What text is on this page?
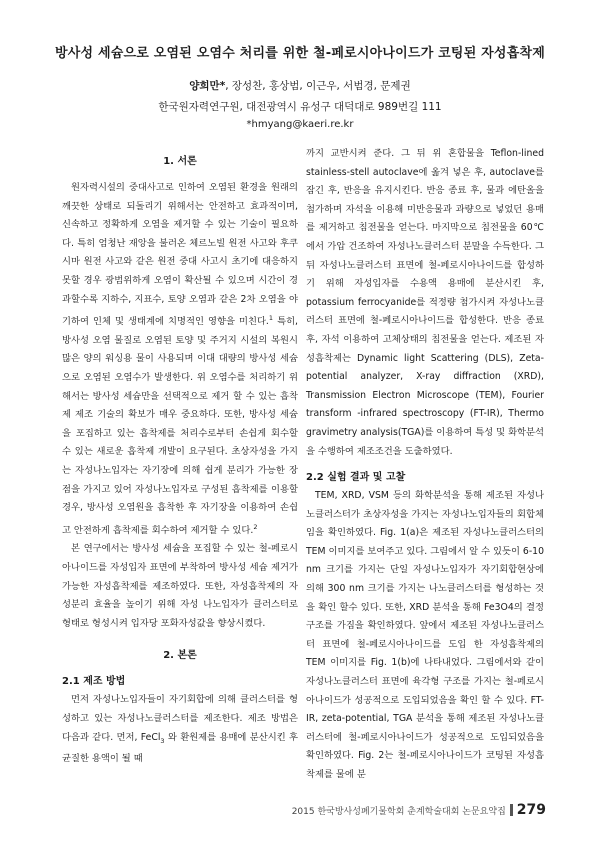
방사성 세슘으로 오염된 오염수 처리를 위한 철-페로시아나이드가 코팅된 자성흡착제
양희만*, 장성찬, 홍상범, 이근우, 서범경, 문제권
한국원자력연구원, 대전광역시 유성구 대덕대로 989번길 111
*hmyang@kaeri.re.kr
1. 서론

원자력시설의 중대사고로 인하여 오염된 환경을 원래의 깨끗한 상태로 되돌리기 위해서는 안전하고 효과적이며, 신속하고 정확하게 오염을 제거할 수 있는 기술이 필요하다. 특히 엄청난 재앙을 불러온 체르노빌 원전 사고와 후쿠시마 원전 사고와 같은 원전 중대 사고시 초기에 대응하지 못할 경우 광범위하게 오염이 확산될 수 있으며 시간이 경과할수록 지하수, 지표수, 토양 오염과 같은 2차 오염을 야기하여 인체 및 생태계에 치명적인 영향을 미친다.$^1$ 특히, 방사성 오염 물질로 오염된 토양 및 주거지 시설의 복원시 많은 양의 워싱용 물이 사용되며 이대 대량의 방사성 세슘으로 오염된 오염수가 발생한다. 위 오염수를 처리하기 위해서는 방사성 세슘만을 선택적으로 제거 할 수 있는 흡착제 제조 기술의 확보가 매우 중요하다. 또한, 방사성 세슘을 포집하고 있는 흡착제를 처리수로부터 손쉽게 회수할 수 있는 새로운 흡착제 개발이 요구된다. 초상자성을 가지는 자성나노입자는 자기장에 의해 쉽게 분리가 가능한 장점을 가지고 있어 자성나노입자로 구성된 흡착제를 이용할 경우, 방사성 오염원을 흡착한 후 자기장을 이용하여 손쉽고 안전하게 흡착제를 회수하여 제거할 수 있다.$^2$

본 연구에서는 방사성 세슘을 포집할 수 있는 철-페로시아나이드를 자성입자 표면에 부착하여 방사성 세슘 제거가 가능한 자성흡착제를 제조하였다. 또한, 자성흡착제의 자성분리 효율을 높이기 위해 자성 나노입자가 클러스터로 형태로 형성시켜 입자당 포화자성값을 향상시켰다.

2. 본론
2.1 제조 방법

먼저 자성나노입자들이 자기회합에 의해 클러스터를 형성하고 있는 자성나노클러스터를 제조한다. 제조 방법은 다음과 같다. 먼저, FeCl$_3$ 와 환원제를 용매에 분산시킨 후 균질한 용액이 될 때

까지 교반시켜 준다. 그 뒤 위 혼합물을 Teflon-lined stainless-stell autoclave에 옮겨 넣은 후, autoclave를 잠긴 후, 반응을 유지시킨다. 반응 종료 후, 물과 에탄올을 첨가하며 자석을 이용해 미반응물과 과량으로 넣었던 용매를 제거하고 침전물을 얻는다. 마지막으로 침전물을 60℃에서 가압 건조하여 자성나노클러스터 분말을 수득한다. 그 뒤 자성나노클러스터 표면에 철-페로시아나이드를 합성하기 위해 자성입자를 수용액 용매에 분산시킨 후, potassium ferrocyanide를 적정량 첨가시켜 자성나노클러스터 표면에 철-페로시아나이드를 합성한다. 반응 종료 후, 자석 이용하여 고체상태의 침전물을 얻는다. 제조된 자성흡착제는 Dynamic light Scattering (DLS), Zeta-potential analyzer, X-ray diffraction (XRD), Transmission Electron Microscope (TEM), Fourier transform -infrared spectroscopy (FT-IR), Thermo gravimetry analysis(TGA)를 이용하여 특성 및 화학분석을 수행하여 제조조건을 도출하였다.

2.2 실험 결과 및 고찰

TEM, XRD, VSM 등의 화학분석을 통해 제조된 자성나노클러스터가 초상자성을 가지는 자성나노입자들의 회합체임을 확인하였다. Fig. 1(a)은 제조된 자성나노클러스터의 TEM 이미지를 보여주고 있다. 그림에서 알 수 있듯이 6-10 nm 크기를 가지는 단일 자성나노입자가 자기회합현상에 의해 300 nm 크기를 가지는 나노클러스터를 형성하는 것을 확인 할수 있다. 또한, XRD 분석을 통해 Fe3O4의 결정구조를 가짐을 확인하였다. 앞에서 제조된 자성나노클러스터 표면에 철-페로시아나이드를 도입 한 자성흡착제의 TEM 이미지를 Fig. 1(b)에 나타내었다. 그림에서와 같이 자성나노클러스터 표면에 육각형 구조를 가지는 철-페로시아나이드가 성공적으로 도입되었음을 확인 할 수 있다. FT-IR, zeta-potential, TGA 분석을 통해 제조된 자성나노클러스터에 철-페로시아나이드가 성공적으로 도입되었음을 확인하였다. Fig. 2는 철-페로시아나이드가 코팅된 자성흡착제를 물에 분

2015 한국방사성폐기물학회 춘계학술대회 논문요약집 279
